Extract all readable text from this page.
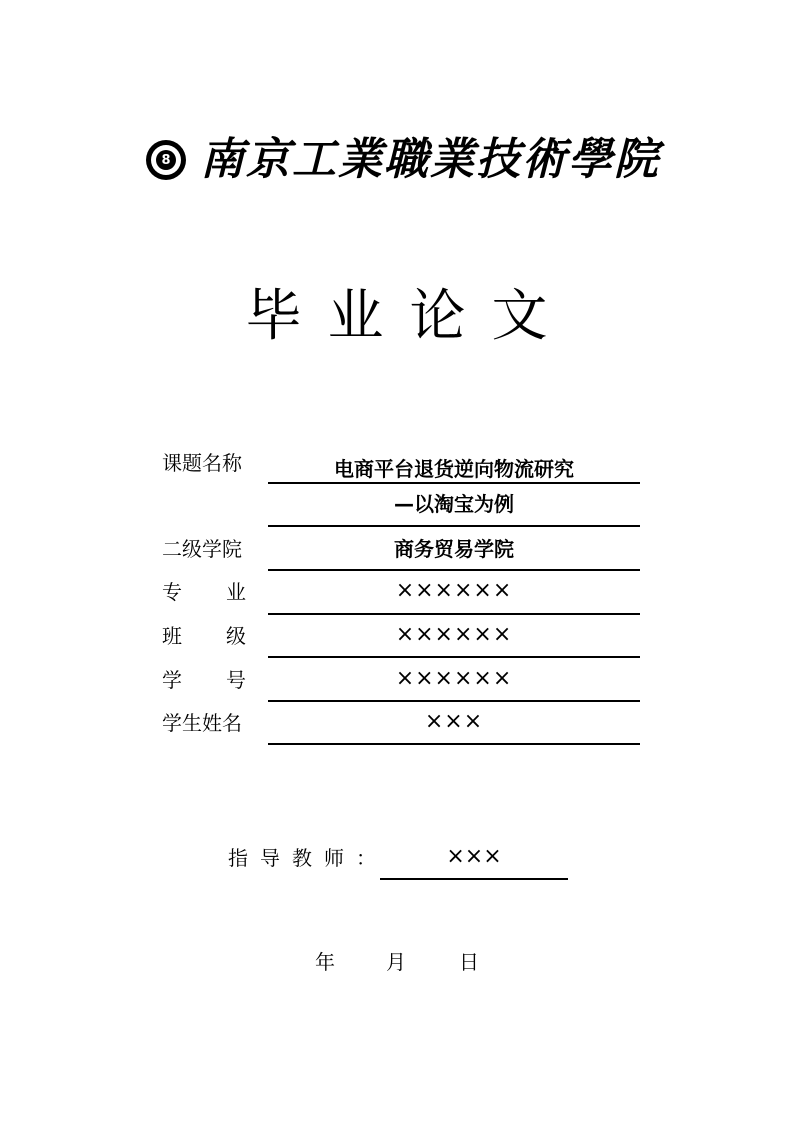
8 南京工業職業技術學院
毕业论文
课题名称	电商平台退货逆向物流研究
—以淘宝为例
二级学院	商务贸易学院
专 业	××××××
班 级	××××××
学 号	××××××
学生姓名	×××
指导教师：	×××
年	月	日
